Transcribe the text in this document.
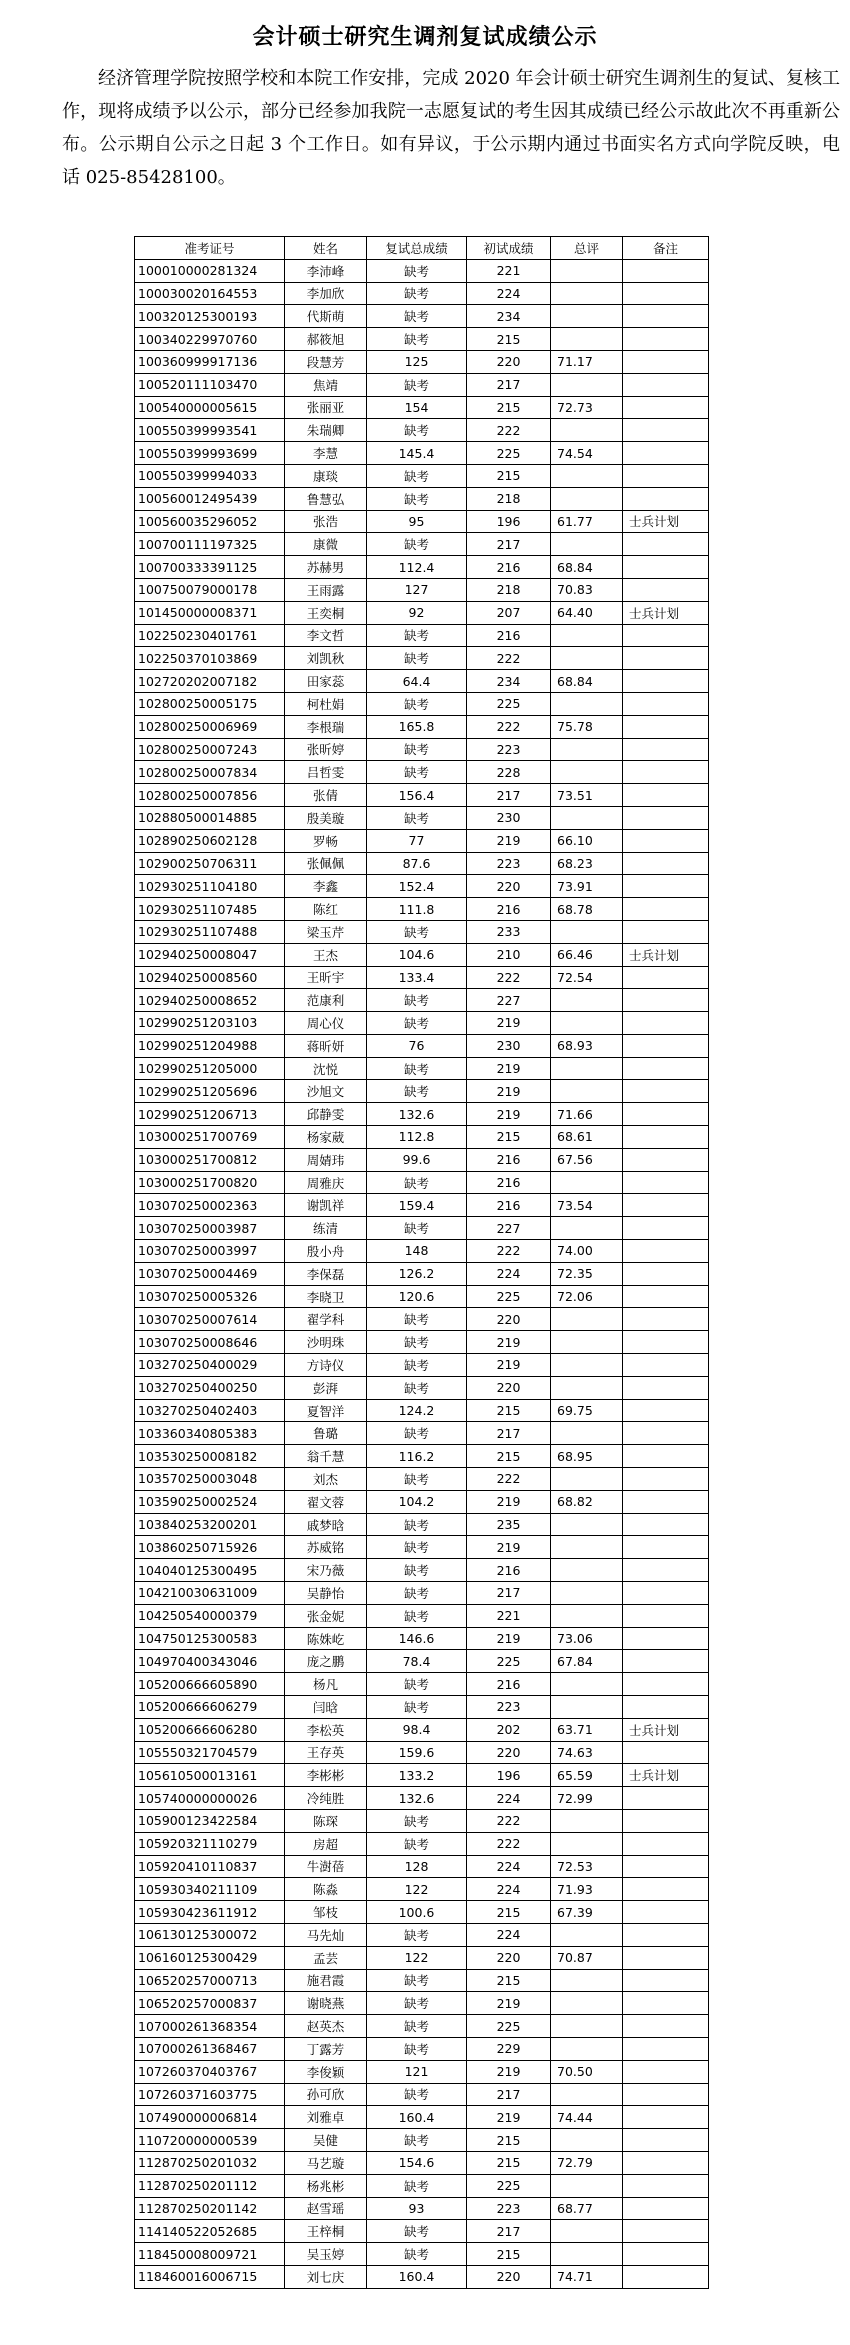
会计硕士研究生调剂复试成绩公示

经济管理学院按照学校和本院工作安排，完成 2020 年会计硕士研究生调剂生的复试、复核工作，现将成绩予以公示，部分已经参加我院一志愿复试的考生因其成绩已经公示故此次不再重新公布。公示期自公示之日起 3 个工作日。如有异议，于公示期内通过书面实名方式向学院反映，电话 025-85428100。

准考证号	姓名	复试总成绩	初试成绩	总评	备注
100010000281324	李沛峰	缺考	221		
100030020164553	李加欣	缺考	224		
100320125300193	代斯萌	缺考	234		
100340229970760	郝筱旭	缺考	215		
100360999917136	段慧芳	125	220	71.17	
100520111103470	焦靖	缺考	217		
100540000005615	张丽亚	154	215	72.73	
100550399993541	朱瑞卿	缺考	222		
100550399993699	李慧	145.4	225	74.54	
100550399994033	康琰	缺考	215		
100560012495439	鲁慧弘	缺考	218		
100560035296052	张浩	95	196	61.77	士兵计划
100700111197325	康微	缺考	217		
100700333391125	苏赫男	112.4	216	68.84	
100750079000178	王雨露	127	218	70.83	
101450000008371	王奕桐	92	207	64.40	士兵计划
102250230401761	李文哲	缺考	216		
102250370103869	刘凯秋	缺考	222		
102720202007182	田家蕊	64.4	234	68.84	
102800250005175	柯杜娟	缺考	225		
102800250006969	李根瑞	165.8	222	75.78	
102800250007243	张昕婷	缺考	223		
102800250007834	吕哲雯	缺考	228		
102800250007856	张倩	156.4	217	73.51	
102880500014885	殷美璇	缺考	230		
102890250602128	罗畅	77	219	66.10	
102900250706311	张佩佩	87.6	223	68.23	
102930251104180	李鑫	152.4	220	73.91	
102930251107485	陈红	111.8	216	68.78	
102930251107488	梁玉芹	缺考	233		
102940250008047	王杰	104.6	210	66.46	士兵计划
102940250008560	王昕宇	133.4	222	72.54	
102940250008652	范康利	缺考	227		
102990251203103	周心仪	缺考	219		
102990251204988	蒋昕妍	76	230	68.93	
102990251205000	沈悦	缺考	219		
102990251205696	沙旭文	缺考	219		
102990251206713	邱静雯	132.6	219	71.66	
103000251700769	杨家葳	112.8	215	68.61	
103000251700812	周婧玮	99.6	216	67.56	
103000251700820	周雅庆	缺考	216		
103070250002363	谢凯祥	159.4	216	73.54	
103070250003987	练清	缺考	227		
103070250003997	殷小舟	148	222	74.00	
103070250004469	李保磊	126.2	224	72.35	
103070250005326	李晓卫	120.6	225	72.06	
103070250007614	翟学科	缺考	220		
103070250008646	沙明珠	缺考	219		
103270250400029	方诗仪	缺考	219		
103270250400250	彭湃	缺考	220		
103270250402403	夏智洋	124.2	215	69.75	
103360340805383	鲁璐	缺考	217		
103530250008182	翁千慧	116.2	215	68.95	
103570250003048	刘杰	缺考	222		
103590250002524	翟文蓉	104.2	219	68.82	
103840253200201	戚梦晗	缺考	235		
103860250715926	苏威铭	缺考	219		
104040125300495	宋乃薇	缺考	216		
104210030631009	吴静怡	缺考	217		
104250540000379	张金妮	缺考	221		
104750125300583	陈姝屹	146.6	219	73.06	
104970400343046	庞之鹏	78.4	225	67.84	
105200666605890	杨凡	缺考	216		
105200666606279	闫晗	缺考	223		
105200666606280	李松英	98.4	202	63.71	士兵计划
105550321704579	王存英	159.6	220	74.63	
105610500013161	李彬彬	133.2	196	65.59	士兵计划
105740000000026	冷纯胜	132.6	224	72.99	
105900123422584	陈琛	缺考	222		
105920321110279	房超	缺考	222		
105920410110837	牛澍蓓	128	224	72.53	
105930340211109	陈淼	122	224	71.93	
105930423611912	邹枝	100.6	215	67.39	
106130125300072	马先灿	缺考	224		
106160125300429	孟芸	122	220	70.87	
106520257000713	施君霞	缺考	215		
106520257000837	谢晓燕	缺考	219		
107000261368354	赵英杰	缺考	225		
107000261368467	丁露芳	缺考	229		
107260370403767	李俊颖	121	219	70.50	
107260371603775	孙可欣	缺考	217		
107490000006814	刘雅卓	160.4	219	74.44	
110720000000539	吴健	缺考	215		
112870250201032	马艺璇	154.6	215	72.79	
112870250201112	杨兆彬	缺考	225		
112870250201142	赵雪瑶	93	223	68.77	
114140522052685	王梓桐	缺考	217		
118450008009721	吴玉婷	缺考	215		
118460016006715	刘七庆	160.4	220	74.71	
